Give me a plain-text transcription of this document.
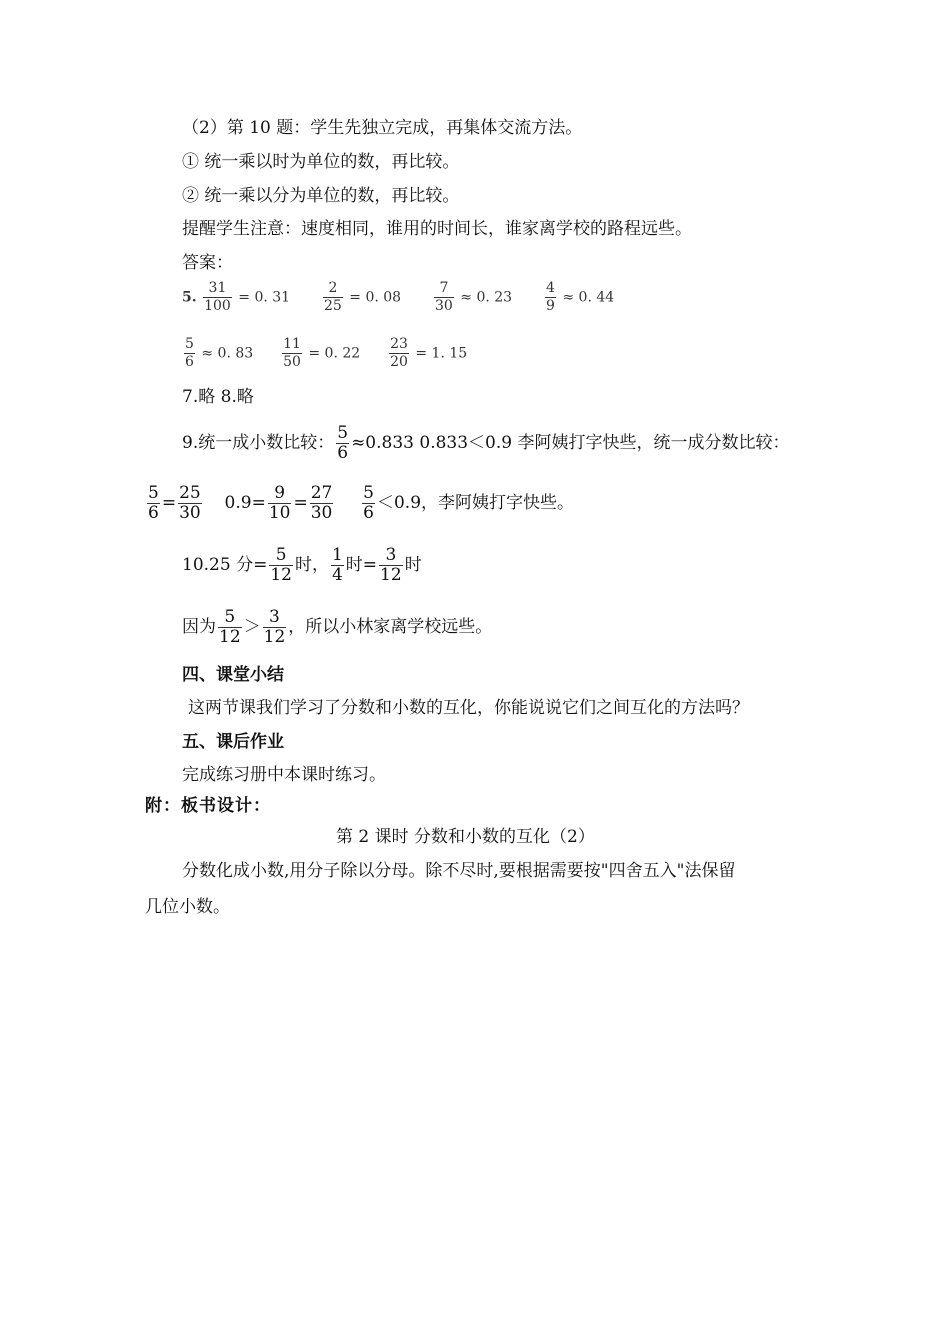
（2）第 10 题：学生先独立完成，再集体交流方法。
① 统一乘以时为单位的数，再比较。
② 统一乘以分为单位的数，再比较。
提醒学生注意：速度相同，谁用的时间长，谁家离学校的路程远些。
答案：
5. $\frac{31}{100} = 0$. $31 \frac{2}{25} = 0$. $08 \frac{7}{30} \approx 0$. $23 \frac{4}{9} \approx 0$. 44
$\frac{5}{6} \approx 0$. $83 \frac{11}{50} = 0$. $22 \frac{23}{20} = 1$. 15
7.略 8.略
9.统一成小数比较： $\frac{5}{6} \approx 0.833$ 0.833＜0.9 李阿姨打字快些，统一成分数比较：
$\frac{5}{6} = \frac{25}{30} 0.9= \frac{9}{10} = \frac{27}{30}$
$\frac{5}{6} <0.9$，李阿姨打字快些。
10.25 分= $\frac{5}{12}$ 时， $\frac{1}{4}$ 时= $\frac{3}{12}$ 时
因为 $\frac{5}{12} > \frac{3}{12}$ ，所以小林家离学校远些。
四、课堂小结
这两节课我们学习了分数和小数的互化，你能说说它们之间互化的方法吗？
五、课后作业
完成练习册中本课时练习。
附：板书设计：
第 2 课时 分数和小数的互化（2）
分数化成小数,用分子除以分母。除不尽时,要根据需要按"四舍五入"法保留
几位小数。
